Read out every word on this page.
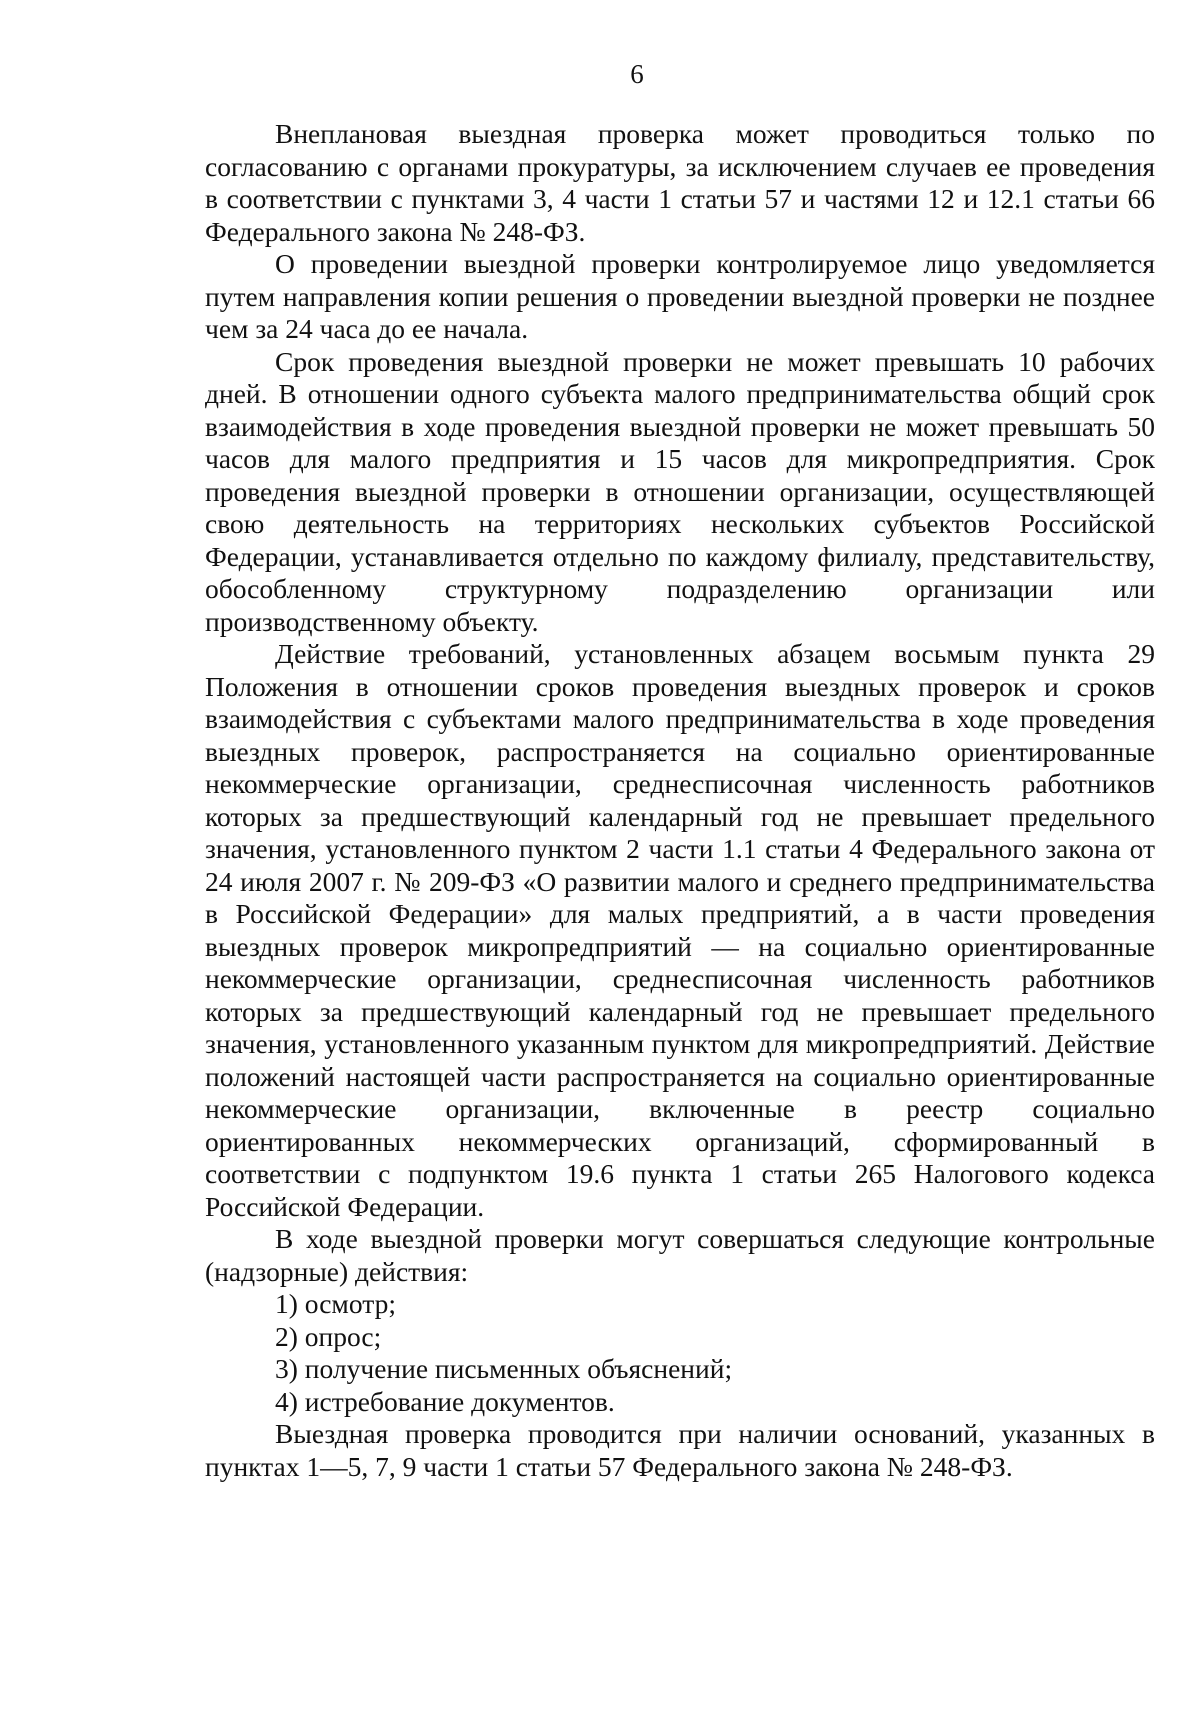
6

Внеплановая выездная проверка может проводиться только по согласованию с органами прокуратуры, за исключением случаев ее проведения в соответствии с пунктами 3, 4 части 1 статьи 57 и частями 12 и 12.1 статьи 66 Федерального закона № 248-ФЗ.

О проведении выездной проверки контролируемое лицо уведомляется путем направления копии решения о проведении выездной проверки не позднее чем за 24 часа до ее начала.

Срок проведения выездной проверки не может превышать 10 рабочих дней. В отношении одного субъекта малого предпринимательства общий срок взаимодействия в ходе проведения выездной проверки не может превышать 50 часов для малого предприятия и 15 часов для микропредприятия. Срок проведения выездной проверки в отношении организации, осуществляющей свою деятельность на территориях нескольких субъектов Российской Федерации, устанавливается отдельно по каждому филиалу, представительству, обособленному структурному подразделению организации или производственному объекту.

Действие требований, установленных абзацем восьмым пункта 29 Положения в отношении сроков проведения выездных проверок и сроков взаимодействия с субъектами малого предпринимательства в ходе проведения выездных проверок, распространяется на социально ориентированные некоммерческие организации, среднесписочная численность работников которых за предшествующий календарный год не превышает предельного значения, установленного пунктом 2 части 1.1 статьи 4 Федерального закона от 24 июля 2007 г. № 209-ФЗ «О развитии малого и среднего предпринимательства в Российской Федерации» для малых предприятий, а в части проведения выездных проверок микропредприятий — на социально ориентированные некоммерческие организации, среднесписочная численность работников которых за предшествующий календарный год не превышает предельного значения, установленного указанным пунктом для микропредприятий. Действие положений настоящей части распространяется на социально ориентированные некоммерческие организации, включенные в реестр социально ориентированных некоммерческих организаций, сформированный в соответствии с подпунктом 19.6 пункта 1 статьи 265 Налогового кодекса Российской Федерации.

В ходе выездной проверки могут совершаться следующие контрольные (надзорные) действия:

1) осмотр;

2) опрос;

3) получение письменных объяснений;

4) истребование документов.

Выездная проверка проводится при наличии оснований, указанных в пунктах 1—5, 7, 9 части 1 статьи 57 Федерального закона № 248-ФЗ.
